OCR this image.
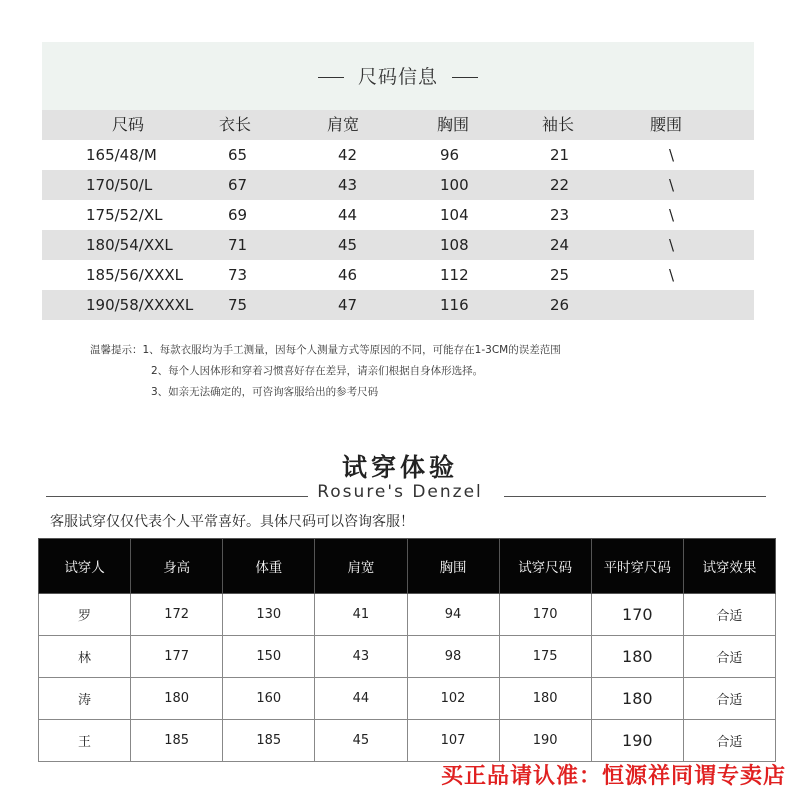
尺码信息
尺码	衣长	肩宽	胸围	袖长	腰围
165/48/M	65	42	96	21	\
170/50/L	67	43	100	22	\
175/52/XL	69	44	104	23	\
180/54/XXL	71	45	108	24	\
185/56/XXXL	73	46	112	25	\
190/58/XXXXL 75	47	116	26
温馨提示：1、每款衣服均为手工测量，因每个人测量方式等原因的不同，可能存在1-3CM的误差范围
2、每个人因体形和穿着习惯喜好存在差异，请亲们根据自身体形选择。
3、如亲无法确定的，可咨询客服给出的参考尺码
试穿体验
Rosure's Denzel
客服试穿仅仅代表个人平常喜好。具体尺码可以咨询客服！
试穿人	身高	体重	肩宽	胸围	试穿尺码	平时穿尺码	试穿效果
罗	172	130	41	94	170	170	合适
林	177	150	43	98	175	180	合适
涛	180	160	44	102	180	180	合适
王	185	185	45	107	190	190	合适
买正品请认准：恒源祥同谓专卖店
